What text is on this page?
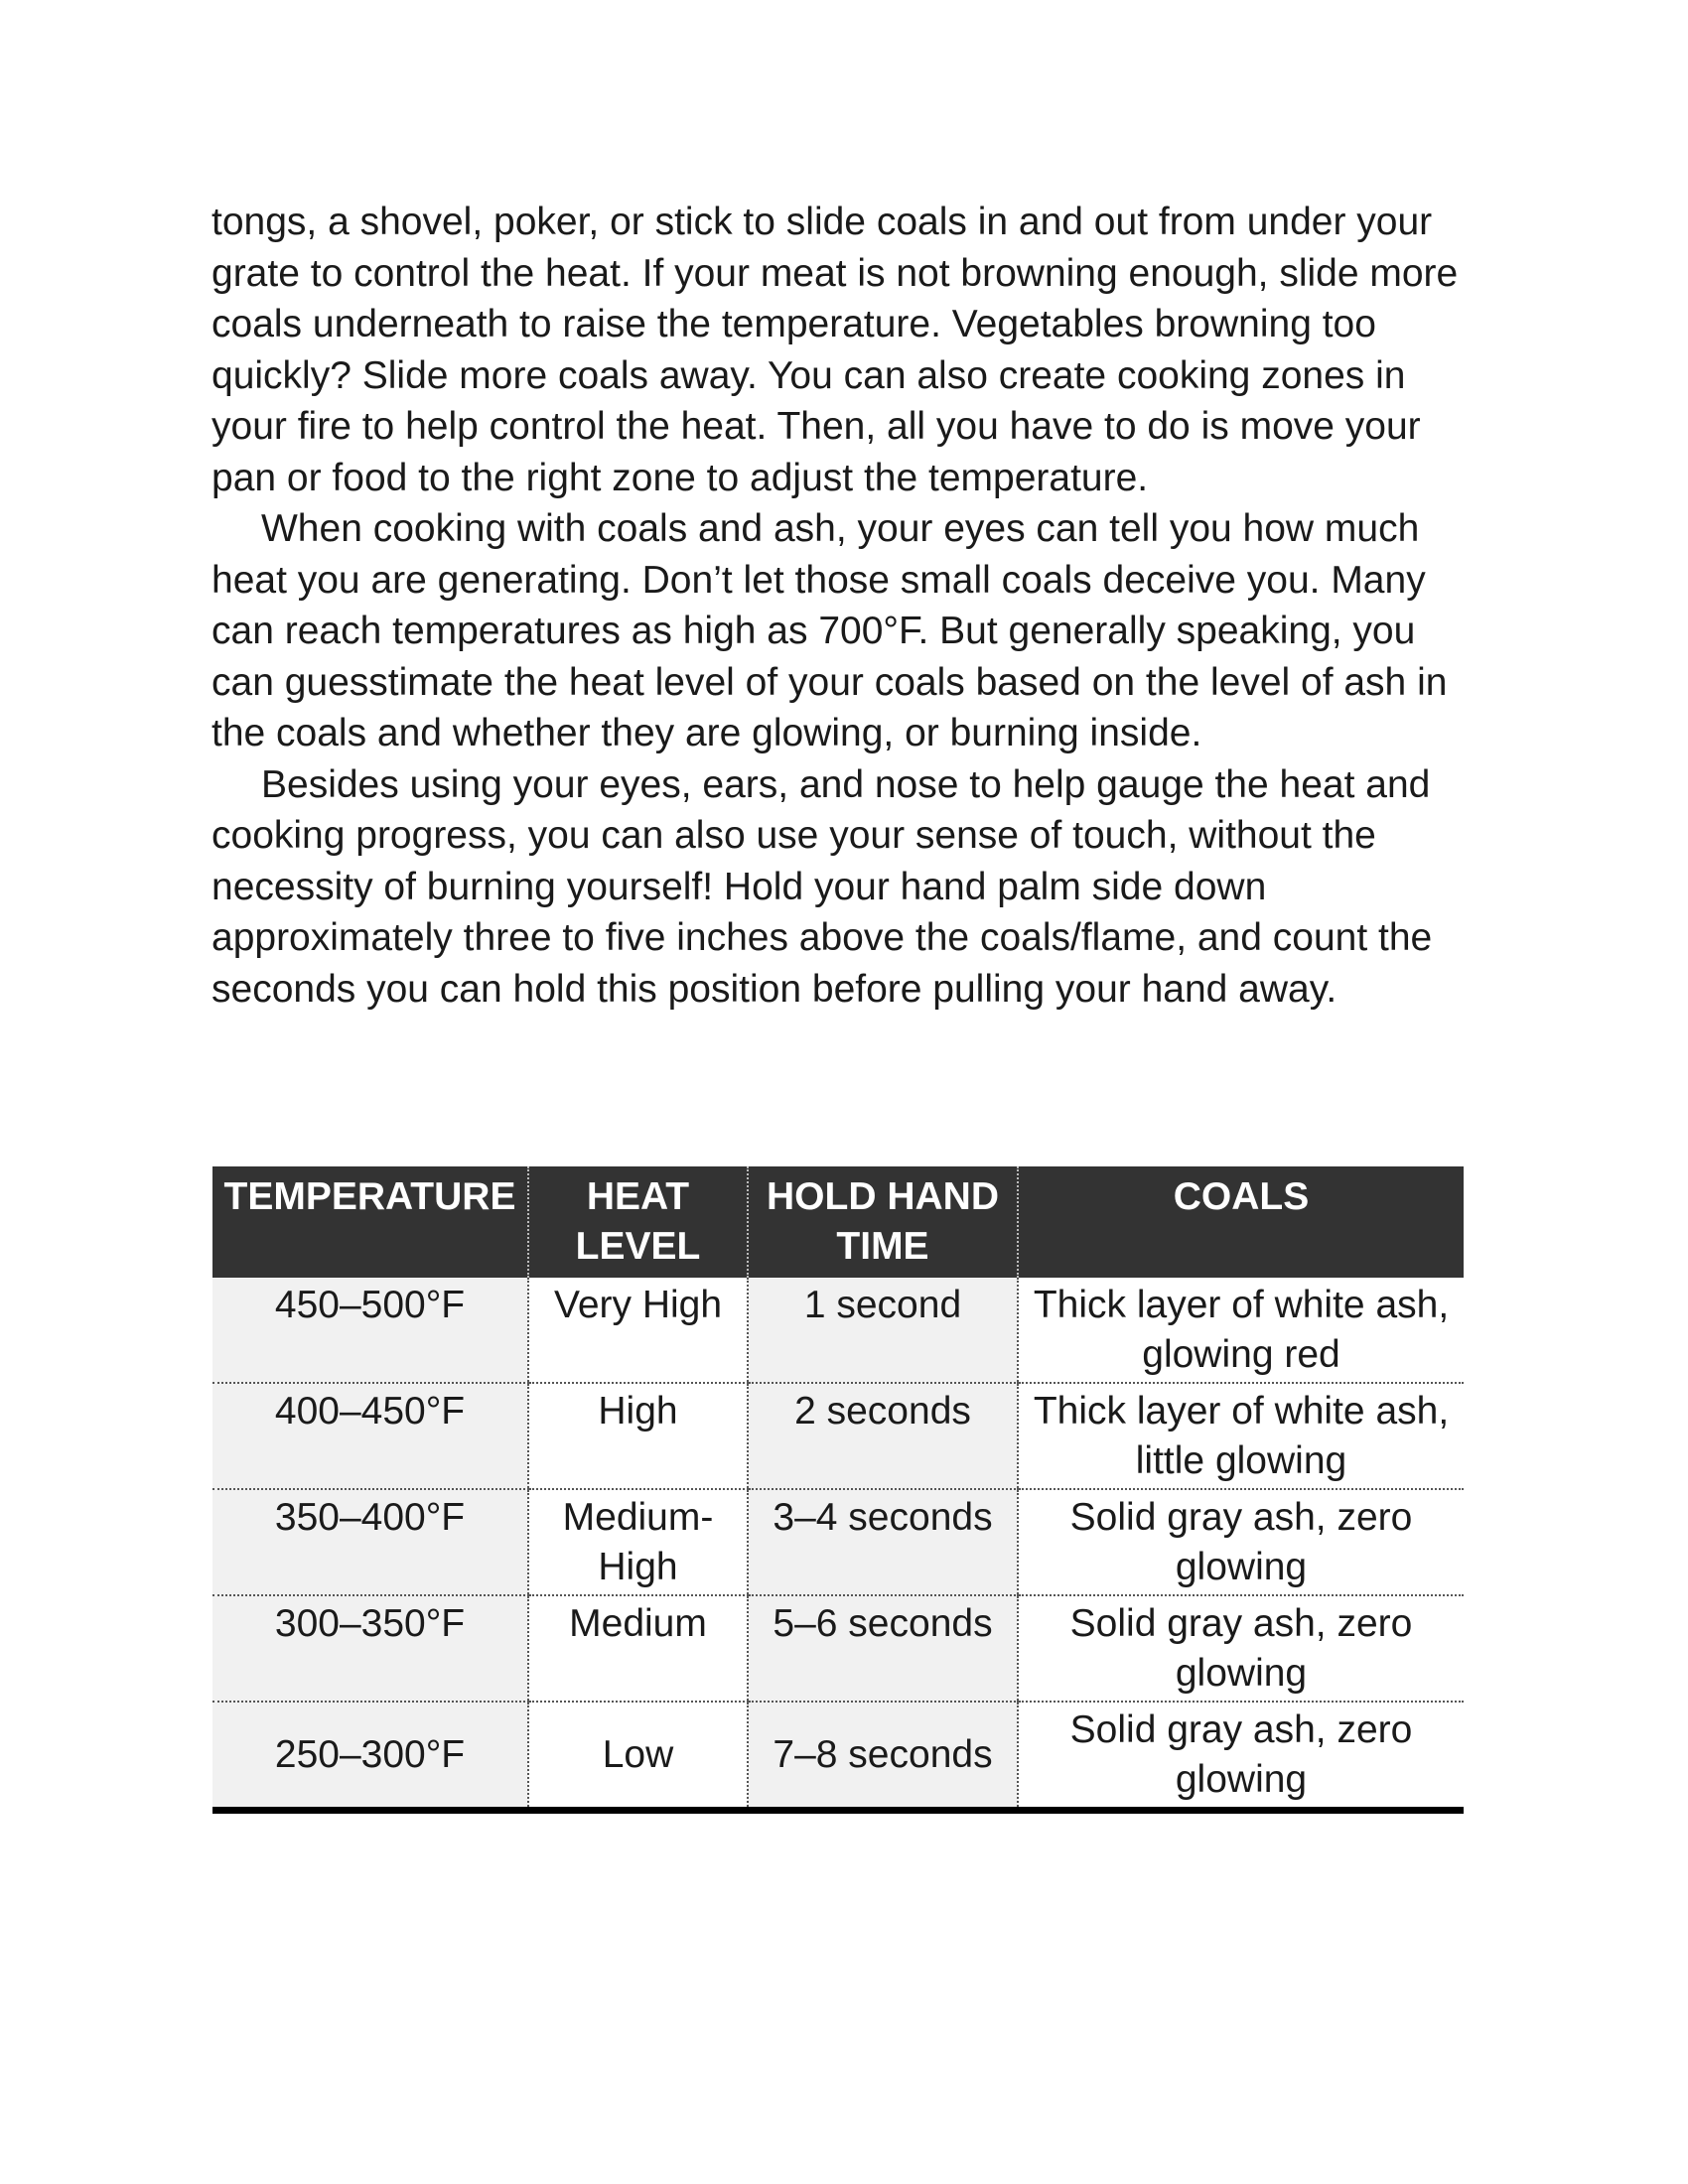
tongs, a shovel, poker, or stick to slide coals in and out from under your grate to control the heat. If your meat is not browning enough, slide more coals underneath to raise the temperature. Vegetables browning too quickly? Slide more coals away. You can also create cooking zones in your fire to help control the heat. Then, all you have to do is move your pan or food to the right zone to adjust the temperature.

When cooking with coals and ash, your eyes can tell you how much heat you are generating. Don’t let those small coals deceive you. Many can reach temperatures as high as 700°F. But generally speaking, you can guesstimate the heat level of your coals based on the level of ash in the coals and whether they are glowing, or burning inside.

Besides using your eyes, ears, and nose to help gauge the heat and cooking progress, you can also use your sense of touch, without the necessity of burning yourself! Hold your hand palm side down approximately three to five inches above the coals/flame, and count the seconds you can hold this position before pulling your hand away.

TEMPERATURE	HEAT LEVEL	HOLD HAND TIME	COALS
450–500°F	Very High	1 second	Thick layer of white ash, glowing red
400–450°F	High	2 seconds	Thick layer of white ash, little glowing
350–400°F	Medium-High	3–4 seconds	Solid gray ash, zero glowing
300–350°F	Medium	5–6 seconds	Solid gray ash, zero glowing
250–300°F	Low	7–8 seconds	Solid gray ash, zero glowing
